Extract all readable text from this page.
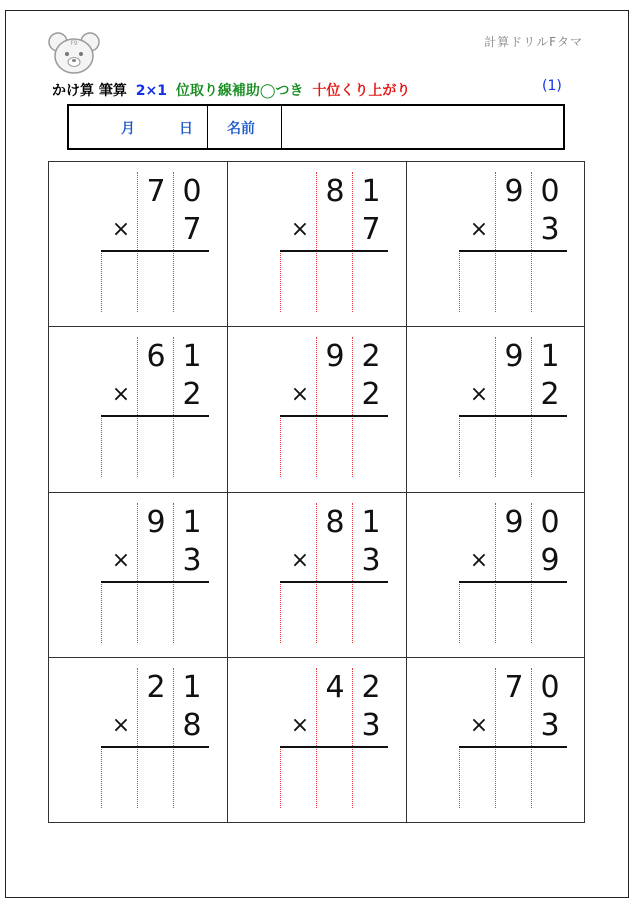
F9	計算ドリルFタマ
かけ算 筆算 2×1 位取り線補助◯つき 十位くり上がり	(1)
月	日 名前
7 0
× 7
8 1
× 7
9 0
× 3
6 1
× 2
9 2
× 2
9 1
× 2
9 1
× 3
8 1
× 3
9 0
× 9
2 1
× 8
4 2
× 3
7 0
× 3
